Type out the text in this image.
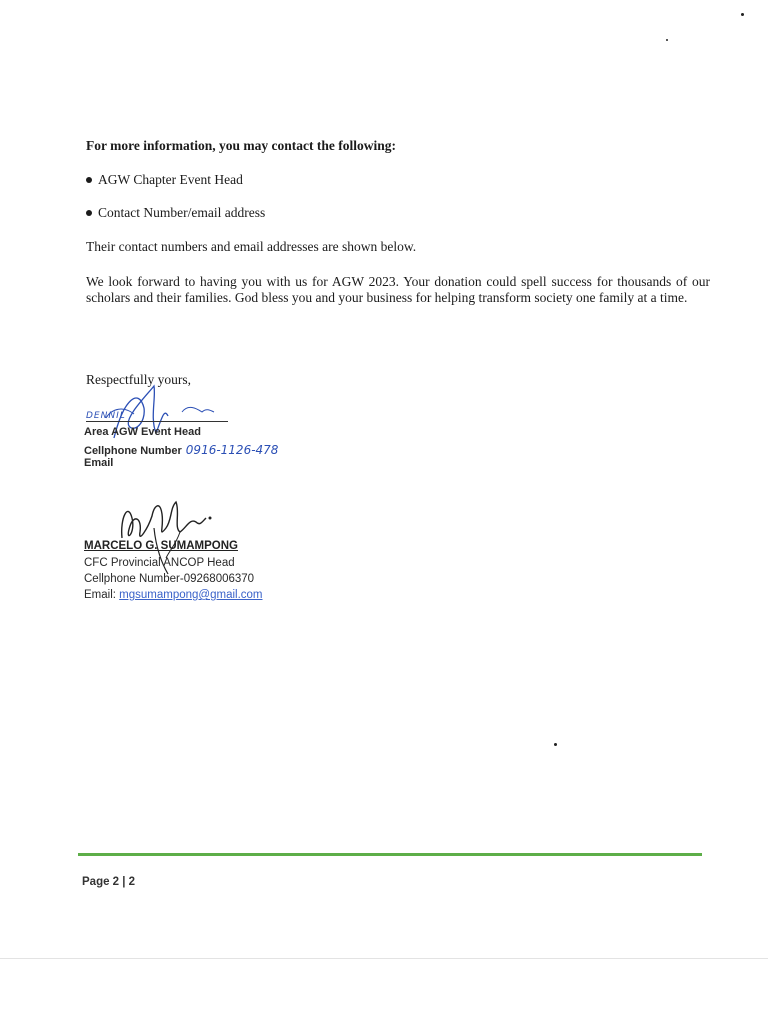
For more information, you may contact the following:
AGW Chapter Event Head
Contact Number/email address
Their contact numbers and email addresses are shown below.
We look forward to having you with us for AGW 2023. Your donation could spell success for thousands of our scholars and their families. God bless you and your business for helping transform society one family at a time.
Respectfully yours,
DENNIL
Area AGW Event Head
Cellphone Number 0916-1126-478
Email
MARCELO G. SUMAMPONG
CFC Provincial ANCOP Head
Cellphone Number-09268006370
Email: mgsumampong@gmail.com
Page 2 | 2
